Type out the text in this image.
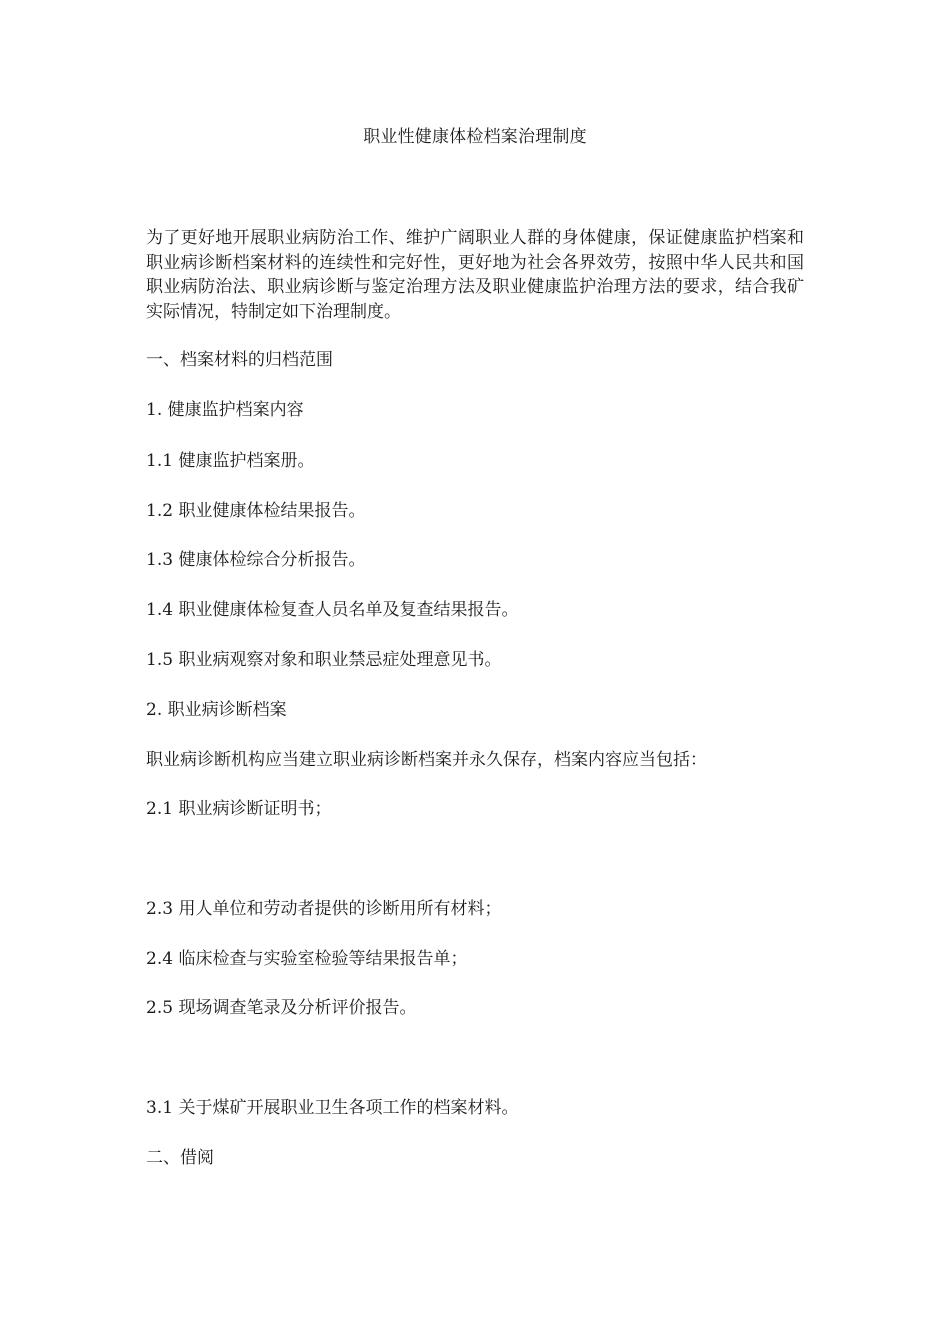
职业性健康体检档案治理制度

为了更好地开展职业病防治工作、维护广阔职业人群的身体健康，保证健康监护档案和职业病诊断档案材料的连续性和完好性，更好地为社会各界效劳，按照中华人民共和国职业病防治法、职业病诊断与鉴定治理方法及职业健康监护治理方法的要求，结合我矿实际情况，特制定如下治理制度。

一、档案材料的归档范围

1. 健康监护档案内容

1.1 健康监护档案册。

1.2 职业健康体检结果报告。

1.3 健康体检综合分析报告。

1.4 职业健康体检复查人员名单及复查结果报告。

1.5 职业病观察对象和职业禁忌症处理意见书。

2. 职业病诊断档案

职业病诊断机构应当建立职业病诊断档案并永久保存，档案内容应当包括：

2.1 职业病诊断证明书；

2.3 用人单位和劳动者提供的诊断用所有材料；

2.4 临床检查与实验室检验等结果报告单；

2.5 现场调查笔录及分析评价报告。

3.1 关于煤矿开展职业卫生各项工作的档案材料。

二、借阅
